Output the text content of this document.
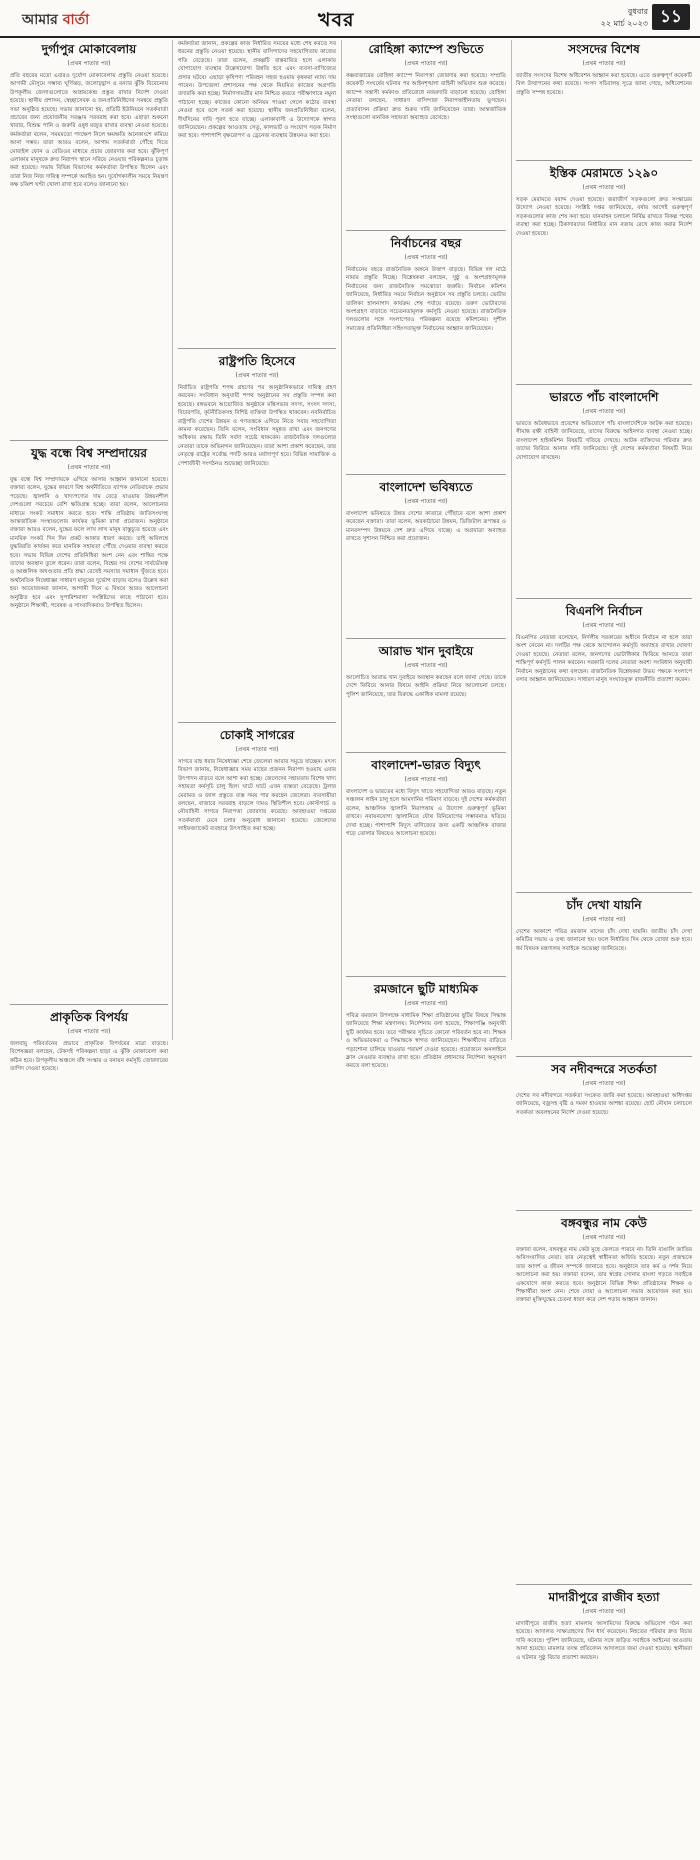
আমার বার্তা	খবর	বুধবার
২২ মার্চ ২০২৩ ১১
দুর্গাপুর মোকাবেলায়
(প্রথম পাতার পর)
প্রতি বছরের মতো এবারও দুর্যোগ মোকাবেলায় প্রস্তুতি নেওয়া হয়েছে। আগামী মৌসুমে সম্ভাব্য ঘূর্ণিঝড়, জলোচ্ছ্বাস ও বন্যার ঝুঁকি বিবেচনায় উপকূলীয় জেলাগুলোতে আশ্রয়কেন্দ্র প্রস্তুত রাখার নির্দেশ দেওয়া হয়েছে। স্থানীয় প্রশাসন, স্বেচ্ছাসেবক ও জনপ্রতিনিধিদের সমন্বয়ে প্রস্তুতি সভা অনুষ্ঠিত হয়েছে। সভায় জানানো হয়, প্রতিটি ইউনিয়নে সতর্কবার্তা প্রচারের জন্য প্রয়োজনীয় সরঞ্জাম সরবরাহ করা হবে। এছাড়া শুকনো খাবার, বিশুদ্ধ পানি ও জরুরি ওষুধ মজুত রাখার ব্যবস্থা নেওয়া হয়েছে। কর্মকর্তারা বলেন, সময়মতো পদক্ষেপ নিলে ক্ষয়ক্ষতি অনেকাংশে কমিয়ে আনা সম্ভব। তারা আরও বলেন, আগাম সতর্কবার্তা পৌঁছে দিতে মোবাইল ফোন ও রেডিওর মাধ্যমে প্রচার জোরদার করা হবে। ঝুঁকিপূর্ণ এলাকার মানুষকে দ্রুত নিরাপদ স্থানে সরিয়ে নেওয়ার পরিকল্পনাও চূড়ান্ত করা হয়েছে। সভায় বিভিন্ন বিভাগের কর্মকর্তারা উপস্থিত ছিলেন এবং তারা নিজ নিজ দায়িত্ব সম্পর্কে অবহিত হন। দুর্যোগকালীন সময়ে নিয়ন্ত্রণ কক্ষ চব্বিশ ঘণ্টা খোলা রাখা হবে বলেও জানানো হয়।
যুদ্ধ বন্ধে বিশ্ব সম্প্রদায়ের
(প্রথম পাতার পর)
যুদ্ধ বন্ধে বিশ্ব সম্প্রদায়কে এগিয়ে আসার আহ্বান জানানো হয়েছে। বক্তারা বলেন, যুদ্ধের কারণে বিশ্ব অর্থনীতিতে ব্যাপক নেতিবাচক প্রভাব পড়েছে। জ্বালানি ও খাদ্যপণ্যের দাম বেড়ে যাওয়ায় উন্নয়নশীল দেশগুলো সবচেয়ে বেশি ক্ষতিগ্রস্ত হচ্ছে। তারা বলেন, আলোচনার মাধ্যমে সংকট সমাধান করতে হবে। শান্তি প্রতিষ্ঠায় জাতিসংঘসহ আন্তর্জাতিক সংস্থাগুলোর কার্যকর ভূমিকা রাখা প্রয়োজন। অনুষ্ঠানে বক্তারা আরও বলেন, যুদ্ধের ফলে লাখ লাখ মানুষ বাস্তুচ্যুত হয়েছে এবং মানবিক সংকট দিন দিন প্রকট আকার ধারণ করছে। তাই অবিলম্বে যুদ্ধবিরতি কার্যকর করে মানবিক সহায়তা পৌঁছে দেওয়ার ব্যবস্থা করতে হবে। সভায় বিভিন্ন দেশের প্রতিনিধিরা অংশ নেন এবং শান্তির পক্ষে তাদের অবস্থান তুলে ধরেন। তারা বলেন, বিশ্বের সব দেশের সার্বভৌমত্ব ও আঞ্চলিক অখণ্ডতার প্রতি শ্রদ্ধা রেখেই সমস্যার সমাধান খুঁজতে হবে। অর্থনৈতিক নিষেধাজ্ঞা সাধারণ মানুষের দুর্ভোগ বাড়ায় বলেও উল্লেখ করা হয়। আয়োজকরা জানান, আগামী দিনে এ বিষয়ে আরও আলোচনা অনুষ্ঠিত হবে এবং সুপারিশমালা সংশ্লিষ্টদের কাছে পাঠানো হবে। অনুষ্ঠানে শিক্ষার্থী, গবেষক ও সাংবাদিকরাও উপস্থিত ছিলেন।
প্রাকৃতিক বিপর্যয়
(প্রথম পাতার পর)
জলবায়ু পরিবর্তনের প্রভাবে প্রাকৃতিক বিপর্যয়ের মাত্রা বাড়ছে। বিশেষজ্ঞরা বলছেন, টেকসই পরিকল্পনা ছাড়া এ ঝুঁকি মোকাবেলা করা কঠিন হবে। উপকূলীয় অঞ্চলে বাঁধ সংস্কার ও বনায়ন কর্মসূচি জোরদারের তাগিদ দেওয়া হয়েছে।
কর্মকর্তারা জানান, প্রকল্পের কাজ নির্ধারিত সময়ের মধ্যে শেষ করতে সব ধরনের প্রস্তুতি নেওয়া হয়েছে। স্থানীয় বাসিন্দাদের সহযোগিতায় কাজের গতি বেড়েছে। তারা বলেন, প্রকল্পটি বাস্তবায়িত হলে এলাকার যোগাযোগ ব্যবস্থার উল্লেখযোগ্য উন্নতি হবে এবং ব্যবসা-বাণিজ্যের প্রসার ঘটবে। এছাড়া কৃষিপণ্য পরিবহন সহজ হওয়ায় কৃষকরা ন্যায্য দাম পাবেন। উপজেলা প্রশাসনের পক্ষ থেকে নিয়মিত কাজের অগ্রগতি তদারকি করা হচ্ছে। নির্মাণসামগ্রীর মান নিশ্চিত করতে পরীক্ষাগারে নমুনা পাঠানো হচ্ছে। কাজের কোনো অনিয়ম পাওয়া গেলে কঠোর ব্যবস্থা নেওয়া হবে বলে সতর্ক করা হয়েছে। স্থানীয় জনপ্রতিনিধিরা বলেন, দীর্ঘদিনের দাবি পূরণ হতে যাচ্ছে। এলাকাবাসী এ উদ্যোগকে স্বাগত জানিয়েছেন। প্রকল্পের আওতায় সেতু, কালভার্ট ও সংযোগ সড়ক নির্মাণ করা হবে। পাশাপাশি বৃক্ষরোপণ ও ড্রেনেজ ব্যবস্থার উন্নয়নও করা হবে।
রাষ্ট্রপতি হিসেবে
(প্রথম পাতার পর)
নির্বাচিত রাষ্ট্রপতি শপথ গ্রহণের পর আনুষ্ঠানিকভাবে দায়িত্ব গ্রহণ করবেন। সংবিধান অনুযায়ী শপথ অনুষ্ঠানের সব প্রস্তুতি সম্পন্ন করা হয়েছে। বঙ্গভবনে আয়োজিত অনুষ্ঠানে মন্ত্রিসভার সদস্য, সংসদ সদস্য, বিচারপতি, কূটনীতিকসহ বিশিষ্ট ব্যক্তিরা উপস্থিত থাকবেন। নবনির্বাচিত রাষ্ট্রপতি দেশের উন্নয়ন ও গণতন্ত্রকে এগিয়ে নিতে সবার সহযোগিতা কামনা করেছেন। তিনি বলেন, সংবিধান সমুন্নত রাখা এবং জনগণের অধিকার রক্ষায় তিনি সর্বদা সচেষ্ট থাকবেন। রাজনৈতিক দলগুলোর নেতারা তাকে অভিনন্দন জানিয়েছেন। তারা আশা প্রকাশ করেছেন, তার নেতৃত্বে রাষ্ট্রের সর্বোচ্চ পদটি আরও মর্যাদাপূর্ণ হবে। বিভিন্ন সামাজিক ও পেশাজীবী সংগঠনও শুভেচ্ছা জানিয়েছে।
চোকাই সাগরের
(প্রথম পাতার পর)
সাগরে মাছ ধরার নিষেধাজ্ঞা শেষে জেলেরা আবার সমুদ্রে যাচ্ছেন। মৎস্য বিভাগ জানায়, নিষেধাজ্ঞার সময় মাছের প্রজনন নিরাপদ হওয়ায় এবার উৎপাদন বাড়বে বলে আশা করা হচ্ছে। জেলেদের সহায়তায় বিশেষ খাদ্য সহায়তা কর্মসূচি চালু ছিল। ঘাটে ঘাটে এখন ব্যস্ততা বেড়েছে। ট্রলার মেরামত ও জাল প্রস্তুতে ব্যস্ত সময় পার করছেন জেলেরা। ব্যবসায়ীরা বলছেন, বাজারে সরবরাহ বাড়লে দামও স্থিতিশীল হবে। কোস্টগার্ড ও নৌবাহিনী সাগরে নিরাপত্তা জোরদার করেছে। আবহাওয়া দপ্তরের সতর্কবার্তা মেনে চলার অনুরোধ জানানো হয়েছে। জেলেদের লাইফজ্যাকেট ব্যবহারে উৎসাহিত করা হচ্ছে।
রোহিঙ্গা ক্যাম্পে শুভিতে
(প্রথম পাতার পর)
কক্সবাজারের রোহিঙ্গা ক্যাম্পে নিরাপত্তা জোরদার করা হয়েছে। সম্প্রতি কয়েকটি সংঘর্ষের ঘটনার পর আইনশৃঙ্খলা বাহিনী অভিযান শুরু করেছে। ক্যাম্পে সন্ত্রাসী কর্মকাণ্ড প্রতিরোধে নজরদারি বাড়ানো হয়েছে। রোহিঙ্গা নেতারা বলছেন, সাধারণ বাসিন্দারা নিরাপত্তাহীনতায় ভুগছেন। প্রত্যাবাসন প্রক্রিয়া দ্রুত শুরুর দাবি জানিয়েছেন তারা। আন্তর্জাতিক সংস্থাগুলো মানবিক সহায়তা অব্যাহত রেখেছে।
নির্বাচনের বছর
(প্রথম পাতার পর)
নির্বাচনের বছরে রাজনৈতিক অঙ্গনে উত্তাপ বাড়ছে। বিভিন্ন দল মাঠে নামার প্রস্তুতি নিচ্ছে। বিশ্লেষকরা বলছেন, সুষ্ঠু ও অংশগ্রহণমূলক নির্বাচনের জন্য রাজনৈতিক সমঝোতা জরুরি। নির্বাচন কমিশন জানিয়েছে, নির্ধারিত সময়ে নির্বাচন অনুষ্ঠানে সব প্রস্তুতি চলছে। ভোটার তালিকা হালনাগাদ কার্যক্রম শেষ পর্যায়ে রয়েছে। তরুণ ভোটারদের অংশগ্রহণ বাড়াতে সচেতনতামূলক কর্মসূচি নেওয়া হয়েছে। রাজনৈতিক দলগুলোর সঙ্গে সংলাপেরও পরিকল্পনা রয়েছে কমিশনের। সুশীল সমাজের প্রতিনিধিরা সহিংসতামুক্ত নির্বাচনের আহ্বান জানিয়েছেন।
বাংলাদেশ ভবিষ্যতে
(প্রথম পাতার পর)
বাংলাদেশ ভবিষ্যতে উন্নত দেশের কাতারে পৌঁছাবে বলে আশা প্রকাশ করেছেন বক্তারা। তারা বলেন, অবকাঠামো উন্নয়ন, ডিজিটাল রূপান্তর ও মানবসম্পদ উন্নয়নে দেশ দ্রুত এগিয়ে যাচ্ছে। এ অগ্রযাত্রা অব্যাহত রাখতে সুশাসন নিশ্চিত করা প্রয়োজন।
আরাভ খান দুবাইয়ে
(প্রথম পাতার পর)
আলোচিত আরাভ খান দুবাইয়ে অবস্থান করছেন বলে জানা গেছে। তাকে দেশে ফিরিয়ে আনার বিষয়ে আইনি প্রক্রিয়া নিয়ে আলোচনা চলছে। পুলিশ জানিয়েছে, তার বিরুদ্ধে একাধিক মামলা রয়েছে।
বাংলাদেশ-ভারত বিদ্যুৎ
(প্রথম পাতার পর)
বাংলাদেশ ও ভারতের মধ্যে বিদ্যুৎ খাতে সহযোগিতা আরও বাড়ছে। নতুন সঞ্চালন লাইন চালু হলে আমদানির পরিমাণ বাড়বে। দুই দেশের কর্মকর্তারা বলেন, আঞ্চলিক জ্বালানি নিরাপত্তায় এ উদ্যোগ গুরুত্বপূর্ণ ভূমিকা রাখবে। নবায়নযোগ্য জ্বালানিতে যৌথ বিনিয়োগের সম্ভাবনাও খতিয়ে দেখা হচ্ছে। পাশাপাশি বিদ্যুৎ বাণিজ্যের জন্য একটি আঞ্চলিক বাজার গড়ে তোলার বিষয়েও আলোচনা হয়েছে।
রমজানে ছুটি মাধ্যমিক
(প্রথম পাতার পর)
পবিত্র রমজান উপলক্ষে মাধ্যমিক শিক্ষা প্রতিষ্ঠানের ছুটির বিষয়ে সিদ্ধান্ত জানিয়েছে শিক্ষা মন্ত্রণালয়। নির্দেশনায় বলা হয়েছে, শিক্ষাপঞ্জি অনুযায়ী ছুটি কার্যকর হবে। তবে পরীক্ষার সূচিতে কোনো পরিবর্তন হবে না। শিক্ষক ও অভিভাবকরা এ সিদ্ধান্তকে স্বাগত জানিয়েছেন। শিক্ষার্থীদের বাড়িতে পড়াশোনা চালিয়ে যাওয়ার পরামর্শ দেওয়া হয়েছে। প্রয়োজনে অনলাইনে ক্লাস নেওয়ার ব্যবস্থাও রাখা হবে। প্রতিষ্ঠান প্রধানদের নির্দেশনা অনুসরণ করতে বলা হয়েছে।
সংসদের বিশেষ
(প্রথম পাতার পর)
জাতীয় সংসদের বিশেষ অধিবেশন আহ্বান করা হয়েছে। এতে গুরুত্বপূর্ণ কয়েকটি বিল উত্থাপনের কথা রয়েছে। সংসদ সচিবালয় সূত্রে জানা গেছে, অধিবেশনের প্রস্তুতি সম্পন্ন হয়েছে।
ইস্তিক মেরামতে ১২৯০
(প্রথম পাতার পর)
সড়ক মেরামতে বরাদ্দ দেওয়া হয়েছে। জরাজীর্ণ সড়কগুলো দ্রুত সংস্কারের উদ্যোগ নেওয়া হয়েছে। সংশ্লিষ্ট দপ্তর জানিয়েছে, বর্ষার আগেই গুরুত্বপূর্ণ সড়কগুলোর কাজ শেষ করা হবে। যানবাহন চলাচল নির্বিঘ্ন রাখতে বিকল্প পথের ব্যবস্থা করা হচ্ছে। ঠিকাদারদের নির্ধারিত মান বজায় রেখে কাজ করার নির্দেশ দেওয়া হয়েছে।
ভারতে পাঁচ বাংলাদেশি
(প্রথম পাতার পর)
ভারতে অবৈধভাবে প্রবেশের অভিযোগে পাঁচ বাংলাদেশিকে আটক করা হয়েছে। সীমান্ত রক্ষী বাহিনী জানিয়েছে, তাদের বিরুদ্ধে আইনগত ব্যবস্থা নেওয়া হচ্ছে। বাংলাদেশ হাইকমিশন বিষয়টি খতিয়ে দেখছে। আটক ব্যক্তিদের পরিবার দ্রুত তাদের ফিরিয়ে আনার দাবি জানিয়েছে। দুই দেশের কর্মকর্তারা বিষয়টি নিয়ে যোগাযোগ রাখছেন।
বিএনপি নির্বাচন
(প্রথম পাতার পর)
বিএনপির নেতারা বলেছেন, নির্দলীয় সরকারের অধীনে নির্বাচন না হলে তারা অংশ নেবেন না। দলটির পক্ষ থেকে আন্দোলন কর্মসূচি অব্যাহত রাখার ঘোষণা দেওয়া হয়েছে। নেতারা বলেন, জনগণের ভোটাধিকার ফিরিয়ে আনতে তারা শান্তিপূর্ণ কর্মসূচি পালন করবেন। সরকারি দলের নেতারা অবশ্য সংবিধান অনুযায়ী নির্বাচন অনুষ্ঠানের কথা বলছেন। রাজনৈতিক বিশ্লেষকরা উভয় পক্ষকে সংলাপে বসার আহ্বান জানিয়েছেন। সাধারণ মানুষ সংঘাতমুক্ত রাজনীতি প্রত্যাশা করেন।
চাঁদ দেখা যায়নি
(প্রথম পাতার পর)
দেশের আকাশে পবিত্র রমজান মাসের চাঁদ দেখা যায়নি। জাতীয় চাঁদ দেখা কমিটির সভায় এ তথ্য জানানো হয়। ফলে নির্ধারিত দিন থেকে রোজা শুরু হবে। ধর্ম বিষয়ক মন্ত্রণালয় সবাইকে শুভেচ্ছা জানিয়েছে।
সব নদীবন্দরে সতর্কতা
(প্রথম পাতার পর)
দেশের সব নদীবন্দরে সতর্কতা সংকেত জারি করা হয়েছে। আবহাওয়া অধিদপ্তর জানিয়েছে, বজ্রসহ বৃষ্টি ও দমকা হাওয়ার আশঙ্কা রয়েছে। ছোট নৌযান চলাচলে সতর্কতা অবলম্বনের নির্দেশ দেওয়া হয়েছে।
বঙ্গবন্ধুর নাম কেউ
(প্রথম পাতার পর)
বক্তারা বলেন, বঙ্গবন্ধুর নাম কেউ মুছে ফেলতে পারবে না। তিনি বাঙালি জাতির অবিসংবাদিত নেতা। তার নেতৃত্বেই স্বাধীনতা অর্জিত হয়েছে। নতুন প্রজন্মকে তার আদর্শ ও জীবন সম্পর্কে জানাতে হবে। অনুষ্ঠানে তার কর্ম ও দর্শন নিয়ে আলোচনা করা হয়। বক্তারা বলেন, তার স্বপ্নের সোনার বাংলা গড়তে সবাইকে একযোগে কাজ করতে হবে। অনুষ্ঠানে বিভিন্ন শিক্ষা প্রতিষ্ঠানের শিক্ষক ও শিক্ষার্থীরা অংশ নেন। শেষে দোয়া ও আলোচনা সভার আয়োজন করা হয়। বক্তারা মুক্তিযুদ্ধের চেতনা ধারণ করে দেশ গড়ার আহ্বান জানান।
মাদারীপুরে রাজীব হত্যা
(প্রথম পাতার পর)
মাদারীপুরে রাজীব হত্যা মামলায় আসামিদের বিরুদ্ধে অভিযোগ গঠন করা হয়েছে। আদালত সাক্ষ্যগ্রহণের দিন ধার্য করেছেন। নিহতের পরিবার দ্রুত বিচার দাবি করেছে। পুলিশ জানিয়েছে, ঘটনার সঙ্গে জড়িত সবাইকে আইনের আওতায় আনা হয়েছে। মামলার তদন্ত প্রতিবেদন আদালতে জমা দেওয়া হয়েছে। স্থানীয়রা এ ঘটনার সুষ্ঠু বিচার প্রত্যাশা করছেন।
